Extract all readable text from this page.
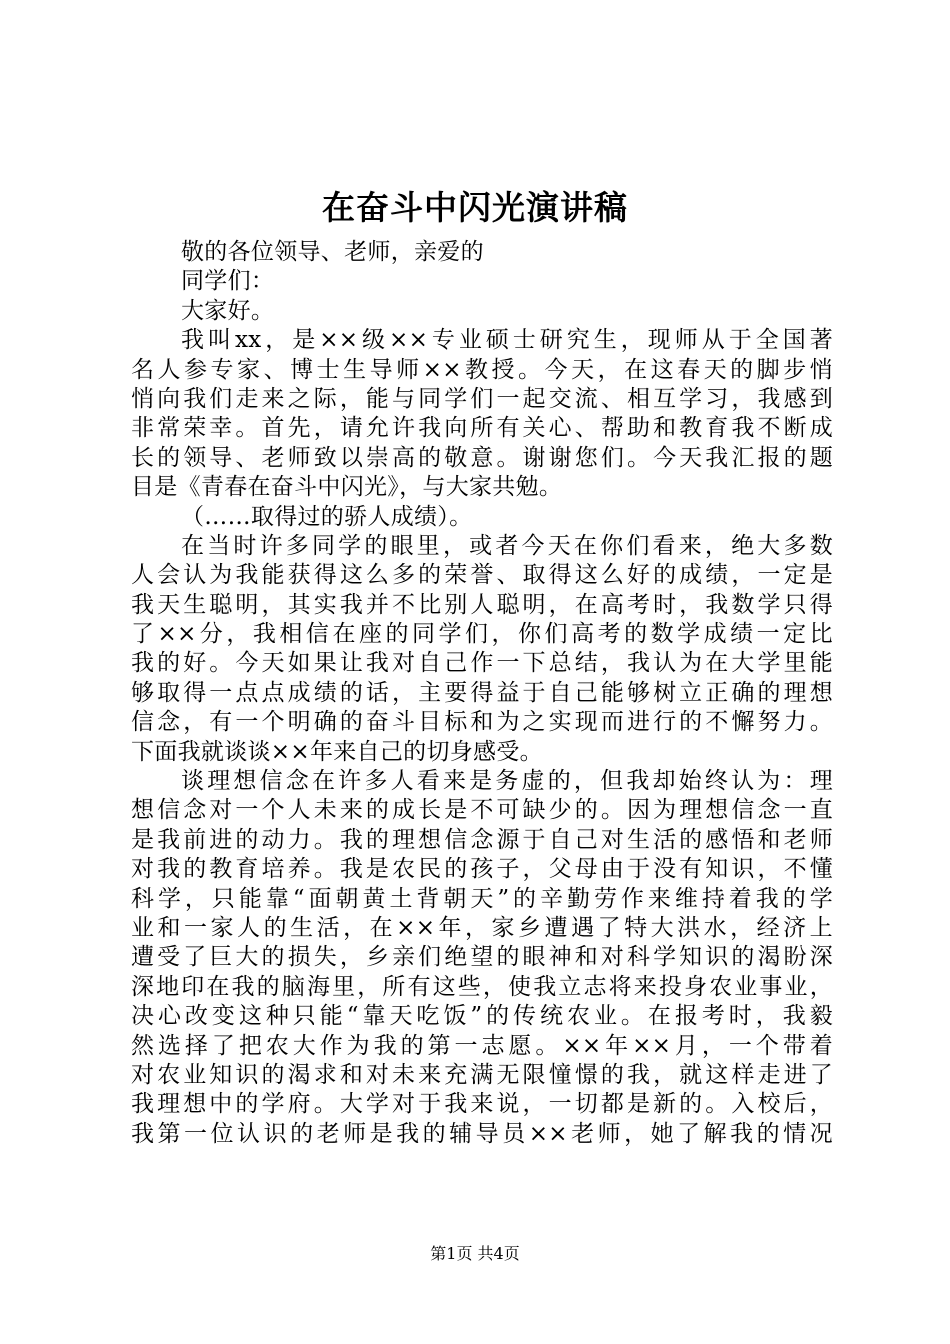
在奋斗中闪光演讲稿
敬的各位领导、老师，亲爱的
同学们：
大家好。
我叫xx，是××级××专业硕士研究生，现师从于全国著
名人参专家、博士生导师××教授。今天，在这春天的脚步悄
悄向我们走来之际，能与同学们一起交流、相互学习，我感到
非常荣幸。首先，请允许我向所有关心、帮助和教育我不断成
长的领导、老师致以崇高的敬意。谢谢您们。今天我汇报的题
目是《青春在奋斗中闪光》，与大家共勉。
（……取得过的骄人成绩）。
在当时许多同学的眼里，或者今天在你们看来，绝大多数
人会认为我能获得这么多的荣誉、取得这么好的成绩，一定是
我天生聪明，其实我并不比别人聪明，在高考时，我数学只得
了××分，我相信在座的同学们，你们高考的数学成绩一定比
我的好。今天如果让我对自己作一下总结，我认为在大学里能
够取得一点点成绩的话，主要得益于自己能够树立正确的理想
信念，有一个明确的奋斗目标和为之实现而进行的不懈努力。
下面我就谈谈××年来自己的切身感受。
谈理想信念在许多人看来是务虚的，但我却始终认为：理
想信念对一个人未来的成长是不可缺少的。因为理想信念一直
是我前进的动力。我的理想信念源于自己对生活的感悟和老师
对我的教育培养。我是农民的孩子，父母由于没有知识，不懂
科学，只能靠“面朝黄土背朝天”的辛勤劳作来维持着我的学
业和一家人的生活，在××年，家乡遭遇了特大洪水，经济上
遭受了巨大的损失，乡亲们绝望的眼神和对科学知识的渴盼深
深地印在我的脑海里，所有这些，使我立志将来投身农业事业，
决心改变这种只能“靠天吃饭”的传统农业。在报考时，我毅
然选择了把农大作为我的第一志愿。××年××月，一个带着
对农业知识的渴求和对未来充满无限憧憬的我，就这样走进了
我理想中的学府。大学对于我来说，一切都是新的。入校后，
我第一位认识的老师是我的辅导员××老师，她了解我的情况
第1页 共4页
